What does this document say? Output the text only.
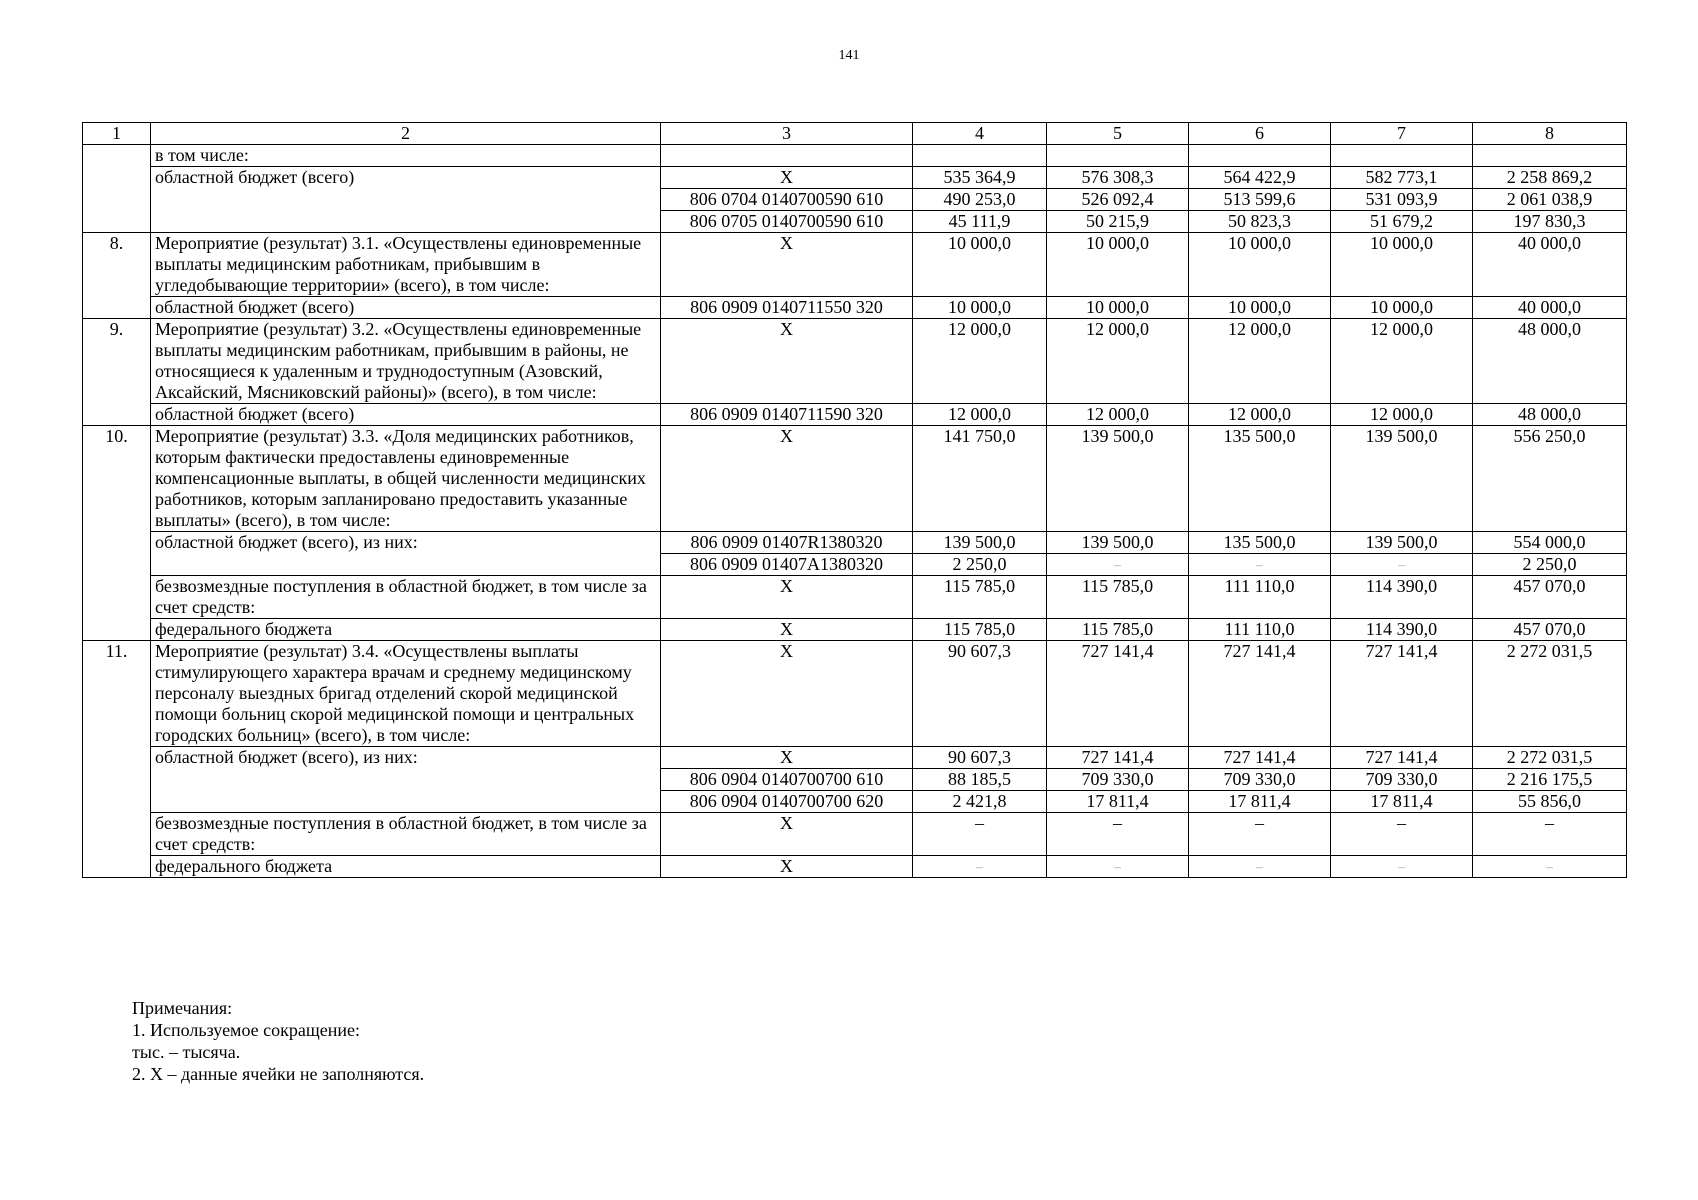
141
1	2	3	4	5	6	7	8
	в том числе:						
	областной бюджет (всего)	Х	535 364,9	576 308,3	564 422,9	582 773,1	2 258 869,2
		806 0704 0140700590 610	490 253,0	526 092,4	513 599,6	531 093,9	2 061 038,9
		806 0705 0140700590 610	45 111,9	50 215,9	50 823,3	51 679,2	197 830,3
8.	Мероприятие (результат) 3.1. «Осуществлены единовременные выплаты медицинским работникам, прибывшим в угледобывающие территории» (всего), в том числе:	Х	10 000,0	10 000,0	10 000,0	10 000,0	40 000,0
	областной бюджет (всего)	806 0909 0140711550 320	10 000,0	10 000,0	10 000,0	10 000,0	40 000,0
9.	Мероприятие (результат) 3.2. «Осуществлены единовременные выплаты медицинским работникам, прибывшим в районы, не относящиеся к удаленным и труднодоступным (Азовский, Аксайский, Мясниковский районы)» (всего), в том числе:	Х	12 000,0	12 000,0	12 000,0	12 000,0	48 000,0
	областной бюджет (всего)	806 0909 0140711590 320	12 000,0	12 000,0	12 000,0	12 000,0	48 000,0
10.	Мероприятие (результат) 3.3. «Доля медицинских работников, которым фактически предоставлены единовременные компенсационные выплаты, в общей численности медицинских работников, которым запланировано предоставить указанные выплаты» (всего), в том числе:	Х	141 750,0	139 500,0	135 500,0	139 500,0	556 250,0
	областной бюджет (всего), из них:	806 0909 01407R1380320	139 500,0	139 500,0	135 500,0	139 500,0	554 000,0
		806 0909 01407А1380320	2 250,0	–	–	–	2 250,0
	безвозмездные поступления в областной бюджет, в том числе за счет средств:	Х	115 785,0	115 785,0	111 110,0	114 390,0	457 070,0
	федерального бюджета	Х	115 785,0	115 785,0	111 110,0	114 390,0	457 070,0
11.	Мероприятие (результат) 3.4. «Осуществлены выплаты стимулирующего характера врачам и среднему медицинскому персоналу выездных бригад отделений скорой медицинской помощи больниц скорой медицинской помощи и центральных городских больниц» (всего), в том числе:	Х	90 607,3	727 141,4	727 141,4	727 141,4	2 272 031,5
	областной бюджет (всего), из них:	Х	90 607,3	727 141,4	727 141,4	727 141,4	2 272 031,5
		806 0904 0140700700 610	88 185,5	709 330,0	709 330,0	709 330,0	2 216 175,5
		806 0904 0140700700 620	2 421,8	17 811,4	17 811,4	17 811,4	55 856,0
	безвозмездные поступления в областной бюджет, в том числе за счет средств:	Х	–	–	–	–	–
	федерального бюджета	Х	–	–	–	–	–
Примечания:
1. Используемое сокращение:
тыс. – тысяча.
2. Х – данные ячейки не заполняются.
